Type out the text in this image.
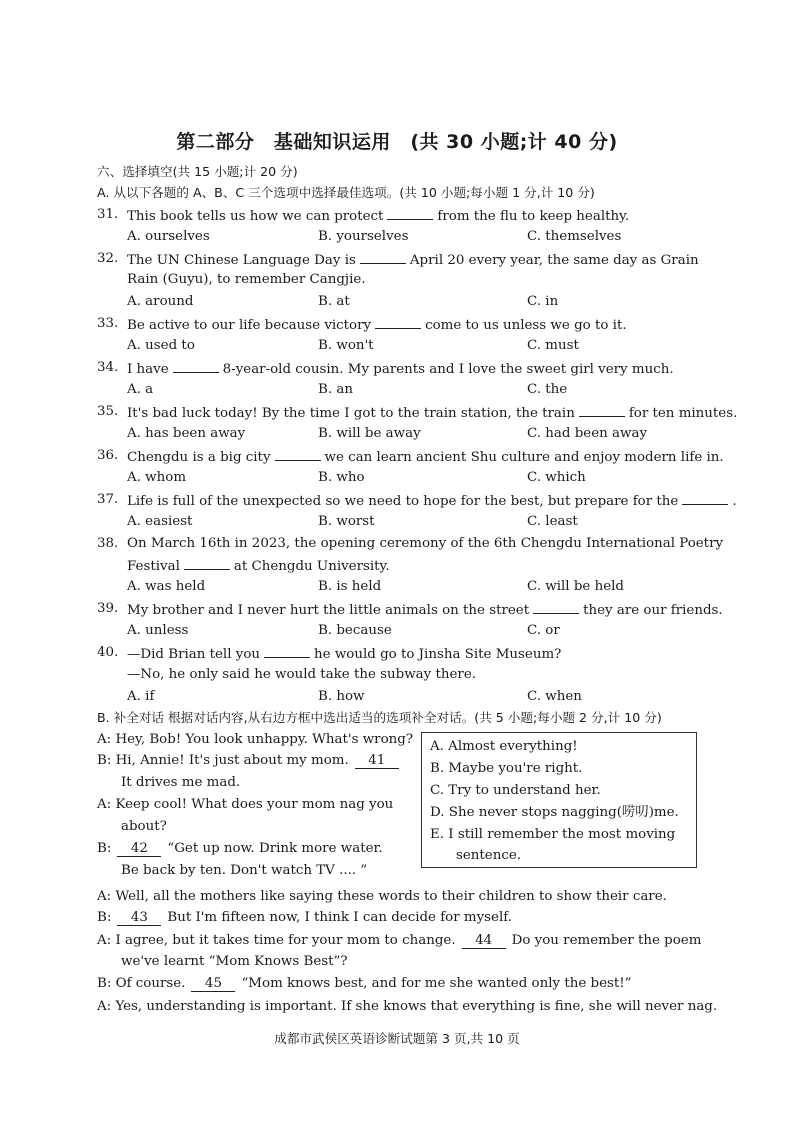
第二部分　基础知识运用　(共 30 小题;计 40 分)
六、选择填空(共 15 小题;计 20 分)
A. 从以下各题的 A、B、C 三个选项中选择最佳选项。(共 10 小题;每小题 1 分,计 10 分)
31. This book tells us how we can protect	from the flu to keep healthy.
A. ourselves	B. yourselves	C. themselves
32. The UN Chinese Language Day is	April 20 every year, the same day as Grain
Rain (Guyu), to remember Cangjie.
A. around	B. at	C. in
33. Be active to our life because victory	come to us unless we go to it.
A. used to	B. won't	C. must
34. I have	8-year-old cousin. My parents and I love the sweet girl very much.
A. a	B. an	C. the
35. It's bad luck today! By the time I got to the train station, the train	for ten minutes.
A. has been away	B. will be away	C. had been away
36. Chengdu is a big city	we can learn ancient Shu culture and enjoy modern life in.
A. whom	B. who	C. which
37. Life is full of the unexpected so we need to hope for the best, but prepare for the	.
A. easiest	B. worst	C. least
38. On March 16th in 2023, the opening ceremony of the 6th Chengdu International Poetry
Festival	at Chengdu University.
A. was held	B. is held	C. will be held
39. My brother and I never hurt the little animals on the street	they are our friends.
A. unless	B. because	C. or
40. —Did Brian tell you	he would go to Jinsha Site Museum?
—No, he only said he would take the subway there.
A. if	B. how	C. when
B. 补全对话 根据对话内容,从右边方框中选出适当的选项补全对话。(共 5 小题;每小题 2 分,计 10 分)
A. Almost everything!
B. Maybe you're right.
C. Try to understand her.
D. She never stops nagging(唠叨)me.
E. I still remember the most moving
sentence.
A: Hey, Bob! You look unhappy. What's wrong?
B: Hi, Annie! It's just about my mom. 41
It drives me mad.
A: Keep cool! What does your mom nag you
about?
B: 42 “Get up now. Drink more water.
Be back by ten. Don't watch TV .... ”
A: Well, all the mothers like saying these words to their children to show their care.
B: 43 But I'm fifteen now, I think I can decide for myself.
A: I agree, but it takes time for your mom to change. 44 Do you remember the poem
we've learnt “Mom Knows Best”?
B: Of course. 45 “Mom knows best, and for me she wanted only the best!”
A: Yes, understanding is important. If she knows that everything is fine, she will never nag.
成都市武侯区英语诊断试题第 3 页,共 10 页
